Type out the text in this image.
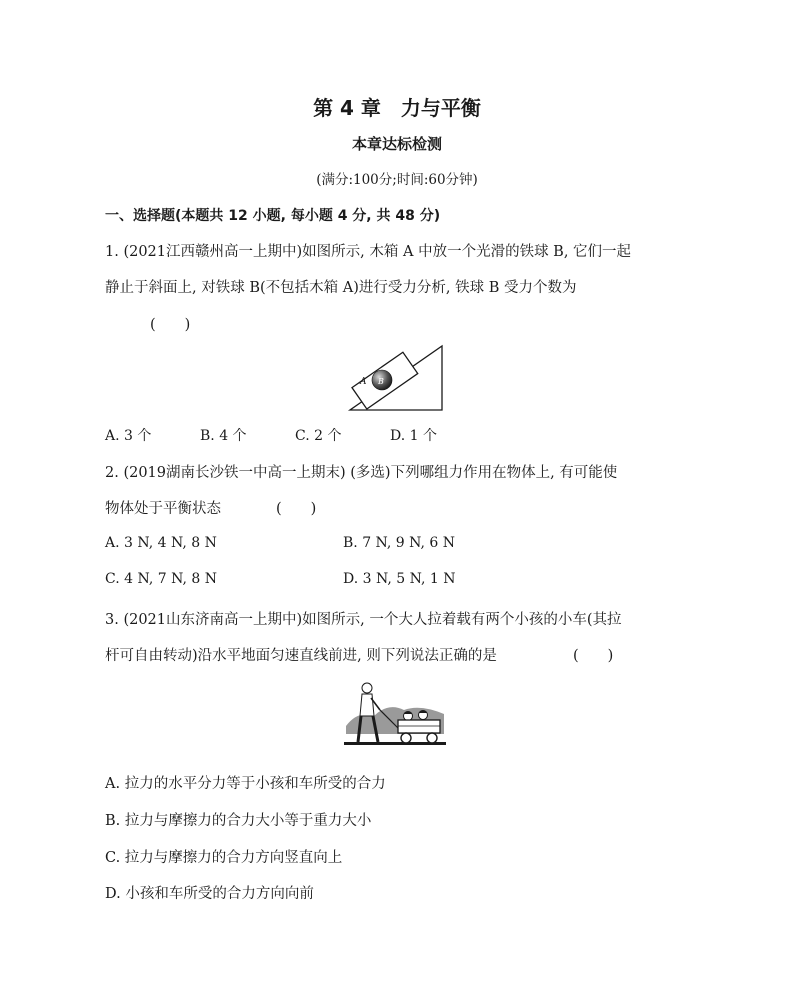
第 4 章　力与平衡
本章达标检测
(满分:100分;时间:60分钟)
一、选择题(本题共 12 小题, 每小题 4 分, 共 48 分)
1. (2021江西赣州高一上期中)如图所示, 木箱 A 中放一个光滑的铁球 B, 它们一起
静止于斜面上, 对铁球 B(不包括木箱 A)进行受力分析, 铁球 B 受力个数为
(　　)
A B
A. 3 个	B. 4 个	C. 2 个	D. 1 个
2. (2019湖南长沙铁一中高一上期末) (多选)下列哪组力作用在物体上, 有可能使
物体处于平衡状态	(　　)
A. 3 N, 4 N, 8 N	B. 7 N, 9 N, 6 N
C. 4 N, 7 N, 8 N	D. 3 N, 5 N, 1 N
3. (2021山东济南高一上期中)如图所示, 一个大人拉着载有两个小孩的小车(其拉
杆可自由转动)沿水平地面匀速直线前进, 则下列说法正确的是	(　　)
A. 拉力的水平分力等于小孩和车所受的合力
B. 拉力与摩擦力的合力大小等于重力大小
C. 拉力与摩擦力的合力方向竖直向上
D. 小孩和车所受的合力方向向前
